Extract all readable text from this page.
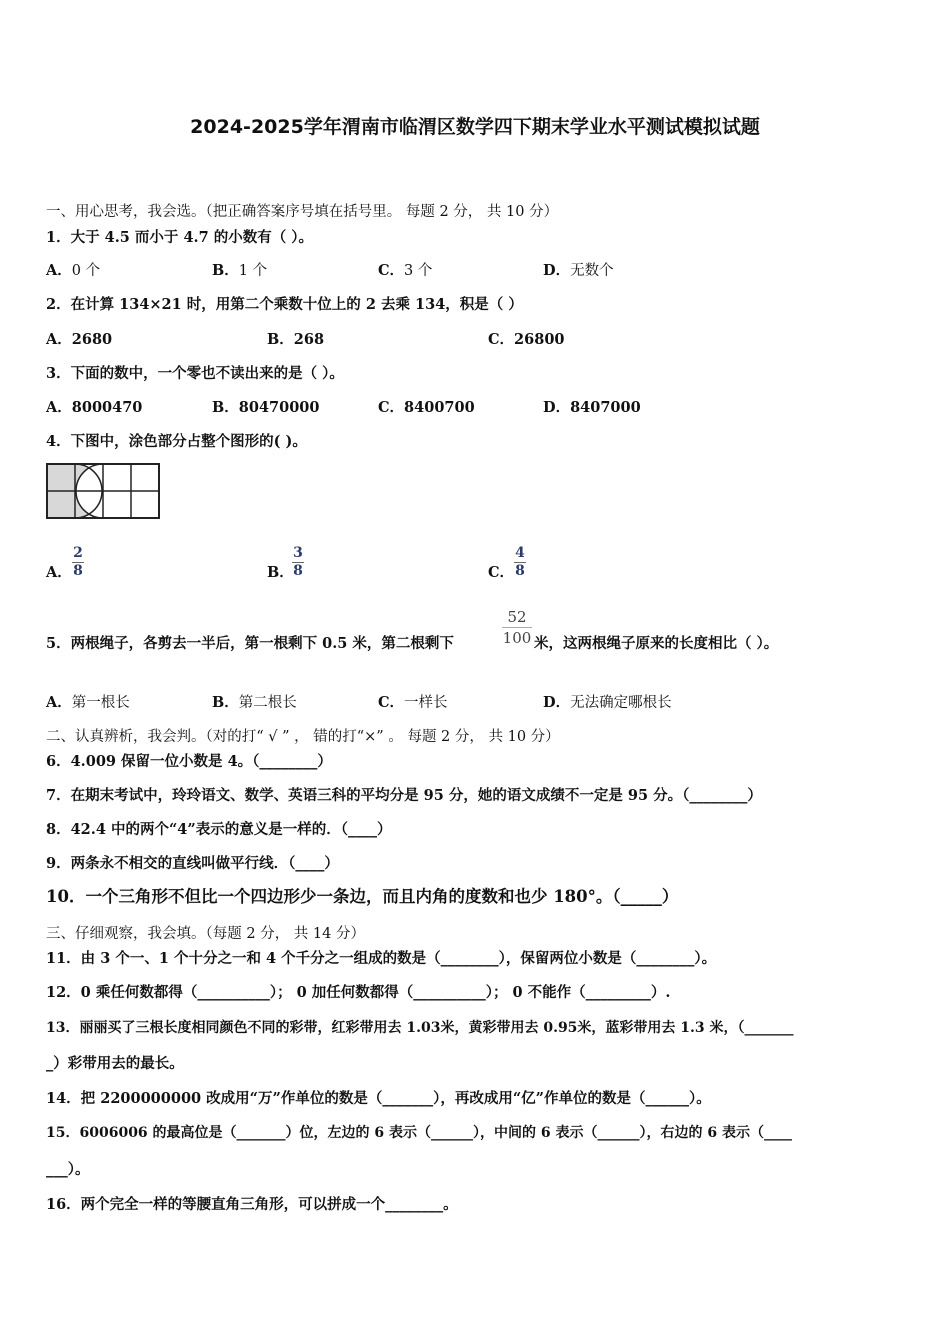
2024-2025学年渭南市临渭区数学四下期末学业水平测试模拟试题
一、用心思考，我会选。（把正确答案序号填在括号里。 每题 2 分， 共 10 分）
1．大于 4.5 而小于 4.7 的小数有（ ）。
A．0 个	B．1 个	C．3 个	D．无数个
2．在计算 134×21 时，用第二个乘数十位上的 2 去乘 134，积是（ ）
A．2680	B．268	C．26800
3．下面的数中，一个零也不读出来的是（ ）。
A．8000470	B．80470000	C．8400700	D．8407000
4．下图中，涂色部分占整个图形的( )。
A．
2
8	B．
3
8	C．
4
8
5．两根绳子，各剪去一半后，第一根剩下 0.5 米，第二根剩下
52
100 米，这两根绳子原来的长度相比（ ）。
A．第一根长	B．第二根长	C．一样长	D．无法确定哪根长
二、认真辨析，我会判。（对的打“ √ ” ， 错的打“×” 。 每题 2 分， 共 10 分）
6．4.009 保留一位小数是 4。（________）
7．在期末考试中，玲玲语文、数学、英语三科的平均分是 95 分，她的语文成绩不一定是 95 分。（________）
8．42.4 中的两个“4”表示的意义是一样的．（____）
9．两条永不相交的直线叫做平行线．（____）
10．一个三角形不但比一个四边形少一条边，而且内角的度数和也少 180°。（_____）
三、仔细观察，我会填。（每题 2 分， 共 14 分）
11．由 3 个一、1 个十分之一和 4 个千分之一组成的数是（________），保留两位小数是（________）。
12．0 乘任何数都得（__________）； 0 加任何数都得（__________）； 0 不能作（_________）.
13．丽丽买了三根长度相同颜色不同的彩带，红彩带用去 1.03米，黄彩带用去 0.95米，蓝彩带用去 1.3 米，（_______
_）彩带用去的最长。
14．把 2200000000 改成用“万”作单位的数是（_______），再改成用“亿”作单位的数是（______）。
15．6006006 的最高位是（_______）位，左边的 6 表示（______），中间的 6 表示（______），右边的 6 表示（____
___）。
16．两个完全一样的等腰直角三角形，可以拼成一个________。
